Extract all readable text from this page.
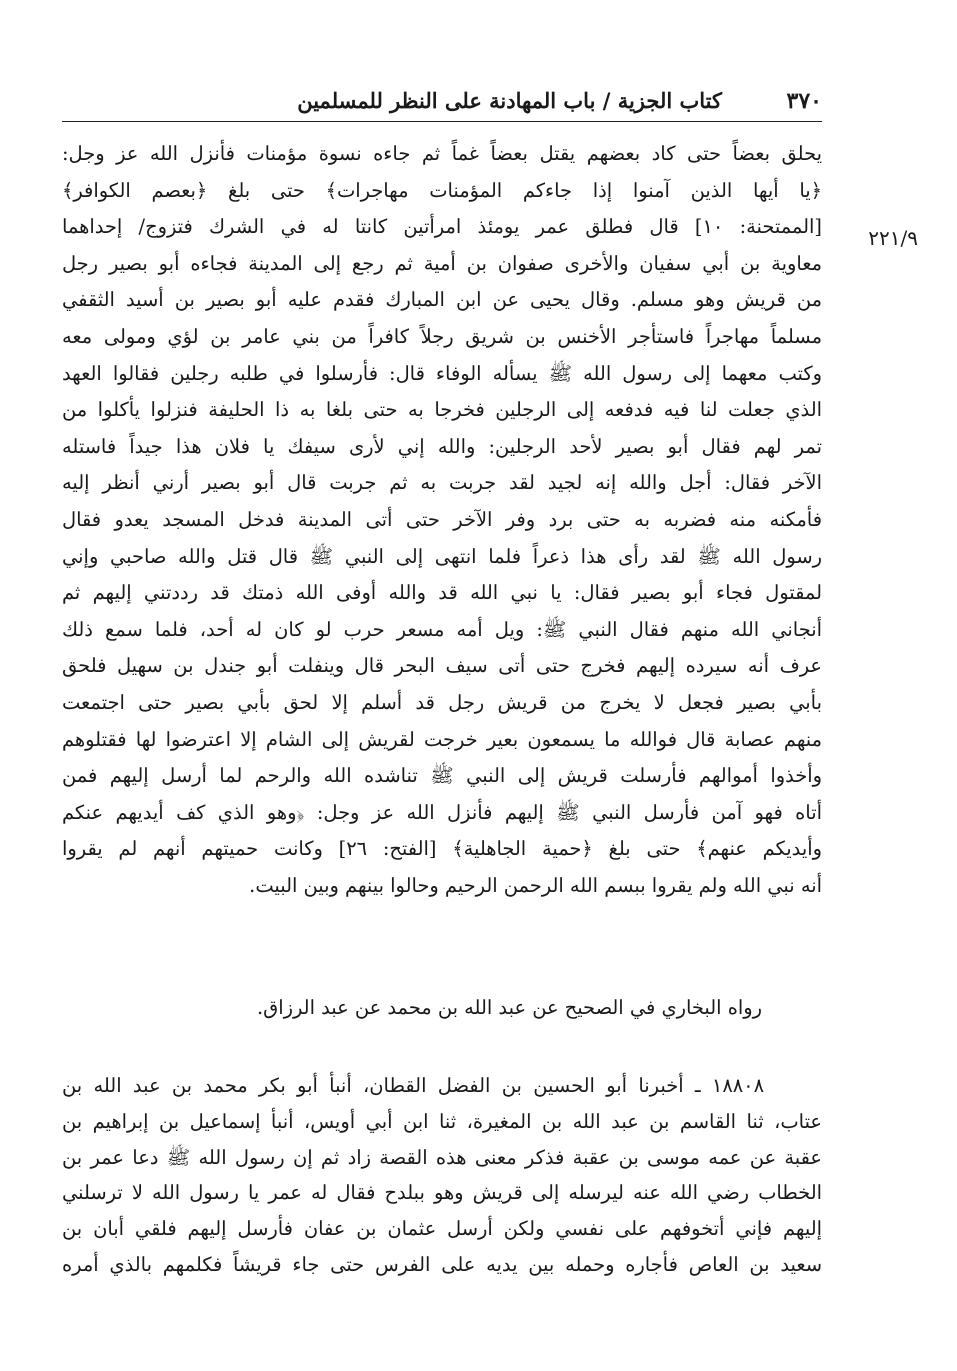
٣٧٠
كتاب الجزية / باب المهادنة على النظر للمسلمين
٢٢١/٩
يحلق بعضاً حتى كاد بعضهم يقتل بعضاً غماً ثم جاءه نسوة مؤمنات فأنزل الله عز وجل:
﴿يا أيها الذين آمنوا إذا جاءكم المؤمنات مهاجرات﴾ حتى بلغ ﴿بعصم الكوافر﴾
[الممتحنة: ١٠] قال فطلق عمر يومئذ امرأتين كانتا له في الشرك فتزوج/ إحداهما
معاوية بن أبي سفيان والأخرى صفوان بن أمية ثم رجع إلى المدينة فجاءه أبو بصير رجل
من قريش وهو مسلم. وقال يحيى عن ابن المبارك فقدم عليه أبو بصير بن أسيد الثقفي
مسلماً مهاجراً فاستأجر الأخنس بن شريق رجلاً كافراً من بني عامر بن لؤي ومولى معه
وكتب معهما إلى رسول الله ﷺ يسأله الوفاء قال: فأرسلوا في طلبه رجلين فقالوا العهد
الذي جعلت لنا فيه فدفعه إلى الرجلين فخرجا به حتى بلغا به ذا الحليفة فنزلوا يأكلوا من
تمر لهم فقال أبو بصير لأحد الرجلين: والله إني لأرى سيفك يا فلان هذا جيداً فاستله
الآخر فقال: أجل والله إنه لجيد لقد جربت به ثم جربت قال أبو بصير أرني أنظر إليه
فأمكنه منه فضربه به حتى برد وفر الآخر حتى أتى المدينة فدخل المسجد يعدو فقال
رسول الله ﷺ لقد رأى هذا ذعراً فلما انتهى إلى النبي ﷺ قال قتل والله صاحبي وإني
لمقتول فجاء أبو بصير فقال: يا نبي الله قد والله أوفى الله ذمتك قد رددتني إليهم ثم
أنجاني الله منهم فقال النبي ﷺ: ويل أمه مسعر حرب لو كان له أحد، فلما سمع ذلك
عرف أنه سيرده إليهم فخرج حتى أتى سيف البحر قال وينفلت أبو جندل بن سهيل فلحق
بأبي بصير فجعل لا يخرج من قريش رجل قد أسلم إلا لحق بأبي بصير حتى اجتمعت
منهم عصابة قال فوالله ما يسمعون بعير خرجت لقريش إلى الشام إلا اعترضوا لها فقتلوهم
وأخذوا أموالهم فأرسلت قريش إلى النبي ﷺ تناشده الله والرحم لما أرسل إليهم فمن
أتاه فهو آمن فأرسل النبي ﷺ إليهم فأنزل الله عز وجل: ﴿وهو الذي كف أيديهم عنكم
وأيديكم عنهم﴾ حتى بلغ ﴿حمية الجاهلية﴾ [الفتح: ٢٦] وكانت حميتهم أنهم لم يقروا
أنه نبي الله ولم يقروا ببسم الله الرحمن الرحيم وحالوا بينهم وبين البيت.
رواه البخاري في الصحيح عن عبد الله بن محمد عن عبد الرزاق.
١٨٨٠٨ ـ أخبرنا أبو الحسين بن الفضل القطان، أنبأ أبو بكر محمد بن عبد الله بن
عتاب، ثنا القاسم بن عبد الله بن المغيرة، ثنا ابن أبي أويس، أنبأ إسماعيل بن إبراهيم بن
عقبة عن عمه موسى بن عقبة فذكر معنى هذه القصة زاد ثم إن رسول الله ﷺ دعا عمر بن
الخطاب رضي الله عنه ليرسله إلى قريش وهو ببلدح فقال له عمر يا رسول الله لا ترسلني
إليهم فإني أتخوفهم على نفسي ولكن أرسل عثمان بن عفان فأرسل إليهم فلقي أبان بن
سعيد بن العاص فأجاره وحمله بين يديه على الفرس حتى جاء قريشاً فكلمهم بالذي أمره
